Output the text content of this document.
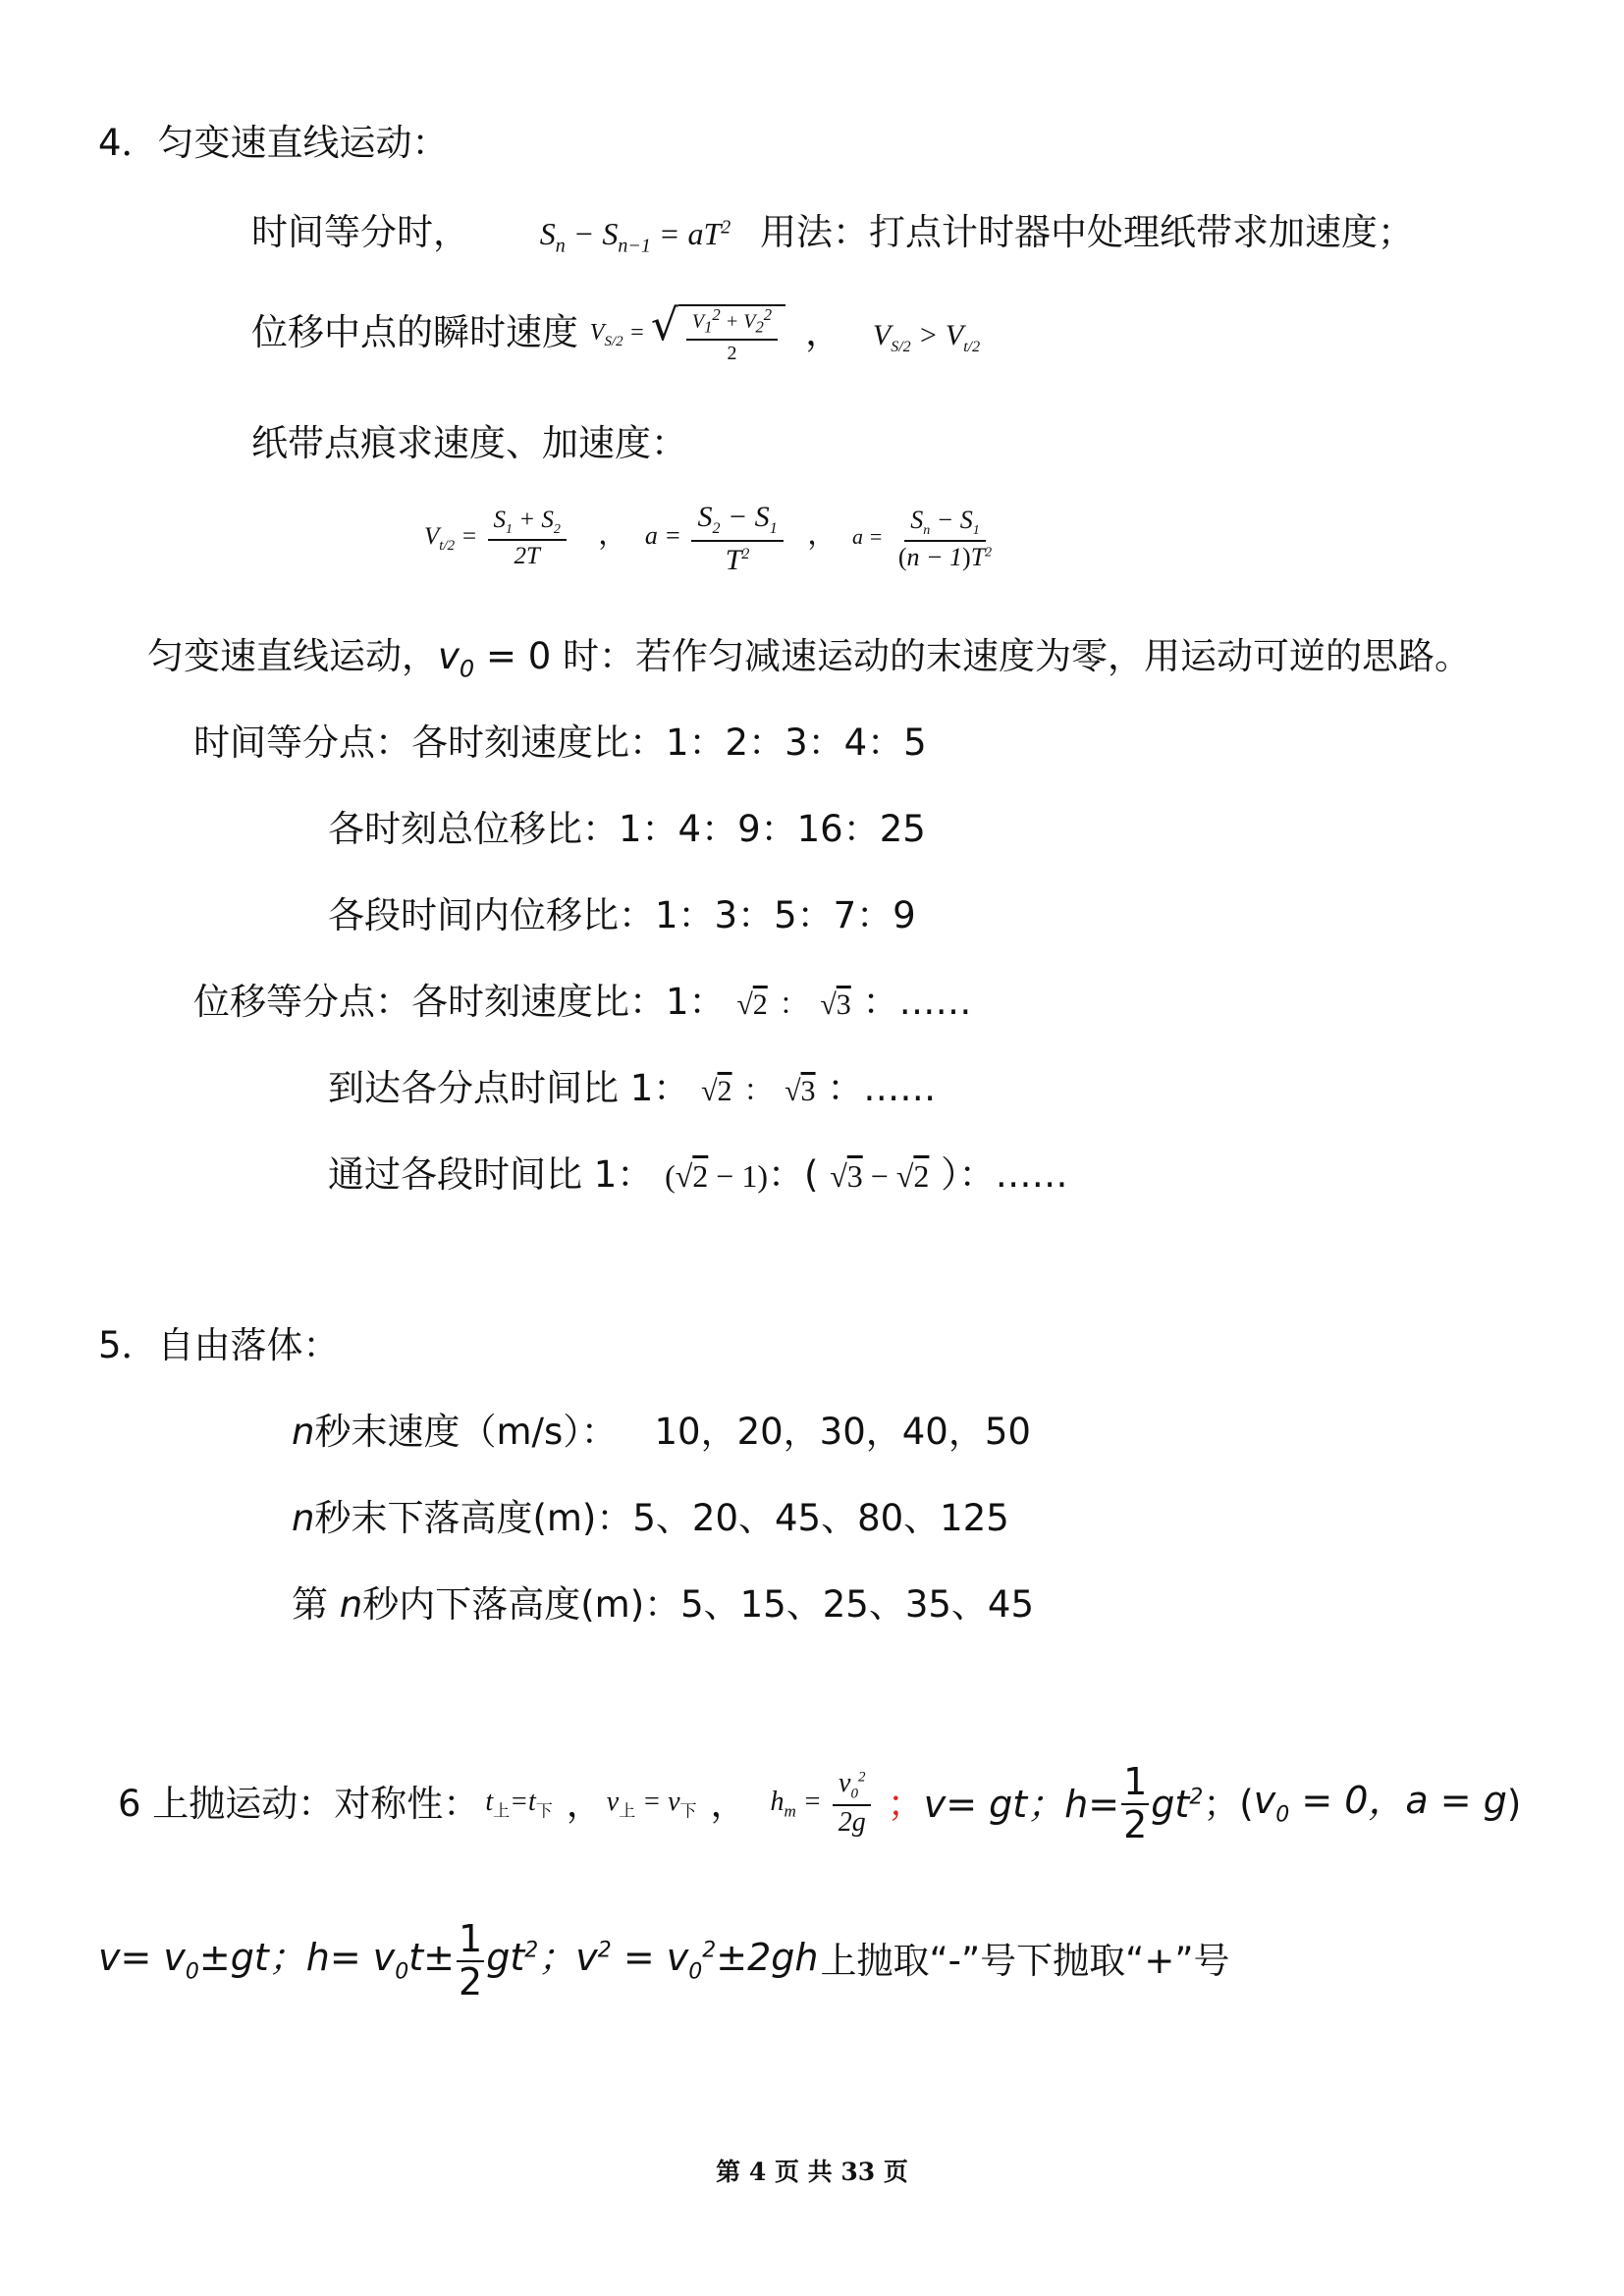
4．匀变速直线运动：
时间等分时， $S_n - S_{n-1} = aT^2$ 用法：打点计时器中处理纸带求加速度；
位移中点的瞬时速度 $V_{S/2}$ = √ $\frac{V_1^2 + V_2^2}{2}$ ， $V_{S/2} > V_{t/2}$
纸带点痕求速度、加速度：
$V_{t/2} = \frac{S_1 + S_2}{2T}$ ， $a = \frac{S_2 - S_1}{T^2}$ ， $a = \frac{S_n - S_1}{(n - 1)T^2}$
匀变速直线运动，$v_0 = 0$ 时：若作匀减速运动的末速度为零，用运动可逆的思路。
时间等分点：各时刻速度比：1：2：3：4：5
各时刻总位移比：1：4：9：16：25
各段时间内位移比：1：3：5：7：9
位移等分点：各时刻速度比：1： √2 ： √3 ：……
到达各分点时间比 1： √2 ： √3 ：……
通过各段时间比 1： (√2 − 1)：( √3 − √2 ）：……
5．自由落体：
n秒末速度（m/s）： 10，20，30，40，50
n秒末下落高度(m)：5、20、45、80、125
第 n秒内下落高度(m)：5、15、25、35、45
6 上抛运动：对称性： $t_上=t_下$ ， $v_上 = v_下$ ， $h_m = \frac{v_0^2}{2g}$ ； v= gt；$h= \frac{1}{2} gt^2$ ；( $v_0 = 0$，a = g )
$v= v_0\pm gt$；$h= v_0t\pm \frac{1}{2} gt^2$；$v^2 = v_0^2\pm 2gh$ 上抛取“-”号下抛取“+”号
第 4 页 共 33 页
